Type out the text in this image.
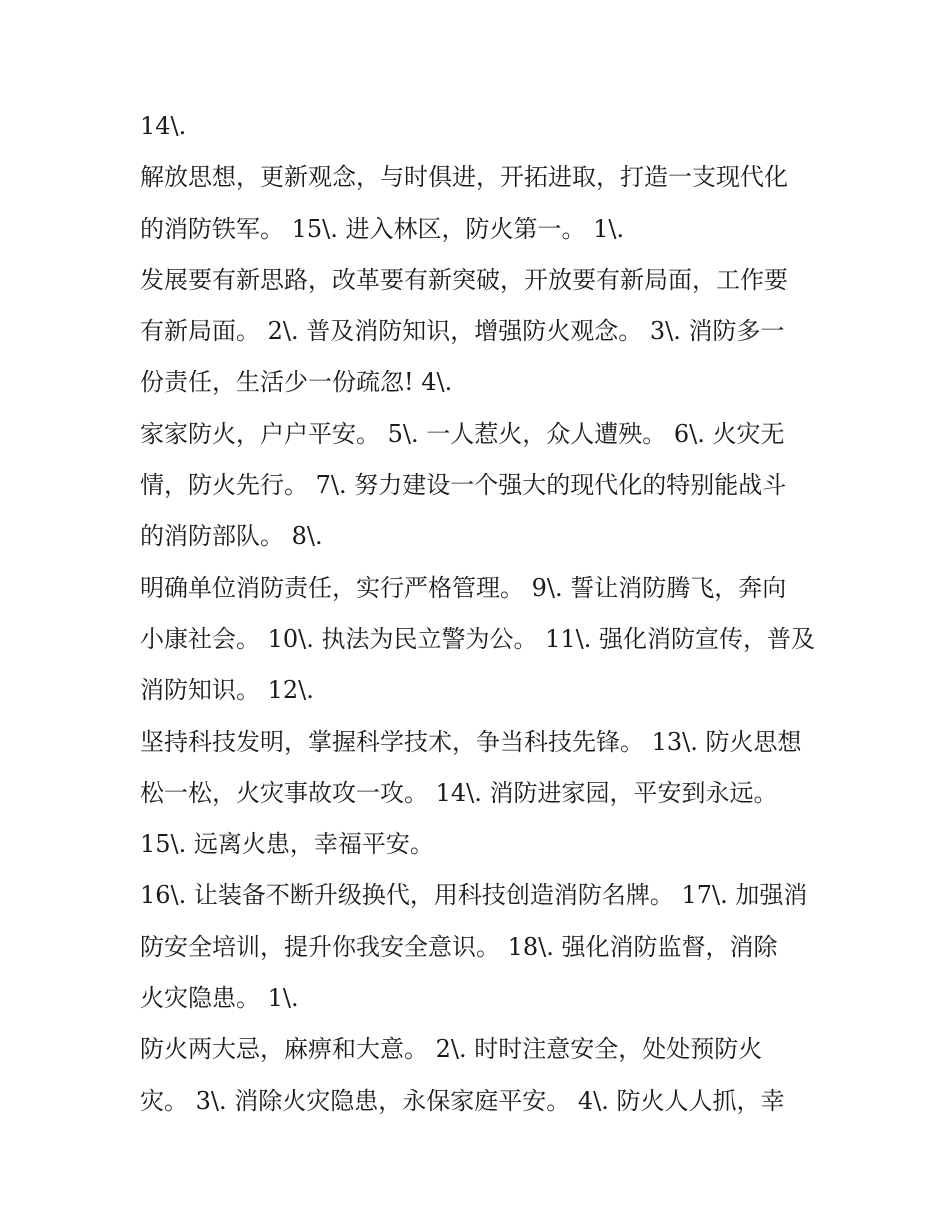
14\.
解放思想，更新观念，与时俱进，开拓进取，打造一支现代化
的消防铁军。 15\. 进入林区，防火第一。 1\.
发展要有新思路，改革要有新突破，开放要有新局面，工作要
有新局面。 2\. 普及消防知识，增强防火观念。 3\. 消防多一
份责任，生活少一份疏忽! 4\.
家家防火，户户平安。 5\. 一人惹火，众人遭殃。 6\. 火灾无
情，防火先行。 7\. 努力建设一个强大的现代化的特别能战斗
的消防部队。 8\.
明确单位消防责任，实行严格管理。 9\. 誓让消防腾飞，奔向
小康社会。 10\. 执法为民立警为公。 11\. 强化消防宣传，普及
消防知识。 12\.
坚持科技发明，掌握科学技术，争当科技先锋。 13\. 防火思想
松一松，火灾事故攻一攻。 14\. 消防进家园，平安到永远。
15\. 远离火患，幸福平安。
16\. 让装备不断升级换代，用科技创造消防名牌。 17\. 加强消
防安全培训，提升你我安全意识。 18\. 强化消防监督，消除
火灾隐患。 1\.
防火两大忌，麻痹和大意。 2\. 时时注意安全，处处预防火
灾。 3\. 消除火灾隐患，永保家庭平安。 4\. 防火人人抓，幸
